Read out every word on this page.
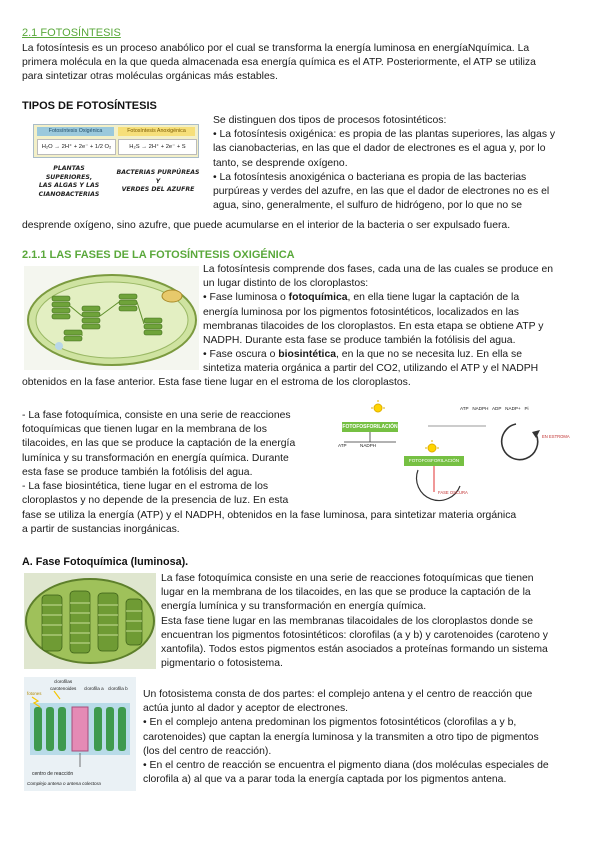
2.1 FOTOSÍNTESIS
La fotosíntesis es un proceso anabólico por el cual se transforma la energía luminosa en energíaNquímica. La
primera molécula en la que queda almacenada esa energía química es el ATP. Posteriormente, el ATP se utiliza
para sintetizar otras moléculas orgánicas más estables.
TIPOS DE FOTOSÍNTESIS
Fotosíntesis Oxigénica	Fotosíntesis Anoxigénica
H₂O → 2H⁺ + 2e⁻ + 1/2 O₂	H₂S → 2H⁺ + 2e⁻ + S
PLANTAS SUPERIORES,
LAS ALGAS Y LAS
CIANOBACTERIAS
BACTERIAS PURPÚREAS Y
VERDES DEL AZUFRE
Se distinguen dos tipos de procesos fotosintéticos:
• La fotosíntesis oxigénica: es propia de las plantas superiores, las algas y
las cianobacterias, en las que el dador de electrones es el agua y, por lo
tanto, se desprende oxígeno.
• La fotosíntesis anoxigénica o bacteriana es propia de las bacterias
purpúreas y verdes del azufre, en las que el dador de electrones no es el
agua, sino, generalmente, el sulfuro de hidrógeno, por lo que no se
desprende oxígeno, sino azufre, que puede acumularse en el interior de la bacteria o ser expulsado fuera.
2.1.1 LAS FASES DE LA FOTOSÍNTESIS OXIGÉNICA
La fotosíntesis comprende dos fases, cada una de las cuales se produce en
un lugar distinto de los cloroplastos:
• Fase luminosa o fotoquímica, en ella tiene lugar la captación de la
energía luminosa por los pigmentos fotosintéticos, localizados en las
membranas tilacoides de los cloroplastos. En esta etapa se obtiene ATP y
NADPH. Durante esta fase se produce también la fotólisis del agua.
• Fase oscura o biosintética, en la que no se necesita luz. En ella se
sintetiza materia orgánica a partir del CO2, utilizando el ATP y el NADPH
obtenidos en la fase anterior. Esta fase tiene lugar en el estroma de los cloroplastos.
- La fase fotoquímica, consiste en una serie de reacciones
fotoquímicas que tienen lugar en la membrana de los
tilacoides, en las que se produce la captación de la energía
lumínica y su transformación en energía química. Durante
esta fase se produce también la fotólisis del agua.
- La fase biosintética, tiene lugar en el estroma de los
cloroplastos y no depende de la presencia de luz. En esta
fase se utiliza la energía (ATP) y el NADPH, obtenidos en la fase luminosa, para sintetizar materia orgánica
a partir de sustancias inorgánicas.
FOTOFOSFORILACIÓN
ATP	NADPH
ATP   NADPH   ADP   NADP+   Pi
EN ESTROMA
FOTOFOSFORILACIÓN
FASE OSCURA
A. Fase Fotoquímica (luminosa).
La fase fotoquímica consiste en una serie de reacciones fotoquímicas que tienen
lugar en la membrana de los tilacoides, en las que se produce la captación de la
energía lumínica y su transformación en energía química.
Esta fase tiene lugar en las membranas tilacoidales de los cloroplastos donde se
encuentran los pigmentos fotosintéticos: clorofilas (a y b) y carotenoides (caroteno y
xantofila). Todos estos pigmentos están asociados a proteínas formando un sistema
pigmentario o fotosistema.
clorofilas
carotenoides clorofila a clorofila b
fotones
centro de reacción
Complejo antena o antena colectora
Un fotosistema consta de dos partes: el complejo antena y el centro de reacción que
actúa junto al dador y aceptor de electrones.
• En el complejo antena predominan los pigmentos fotosintéticos (clorofilas a y b,
carotenoides) que captan la energía luminosa y la transmiten a otro tipo de pigmentos
(los del centro de reacción).
• En el centro de reacción se encuentra el pigmento diana (dos moléculas especiales de
clorofila a) al que va a parar toda la energía captada por los pigmentos antena.
